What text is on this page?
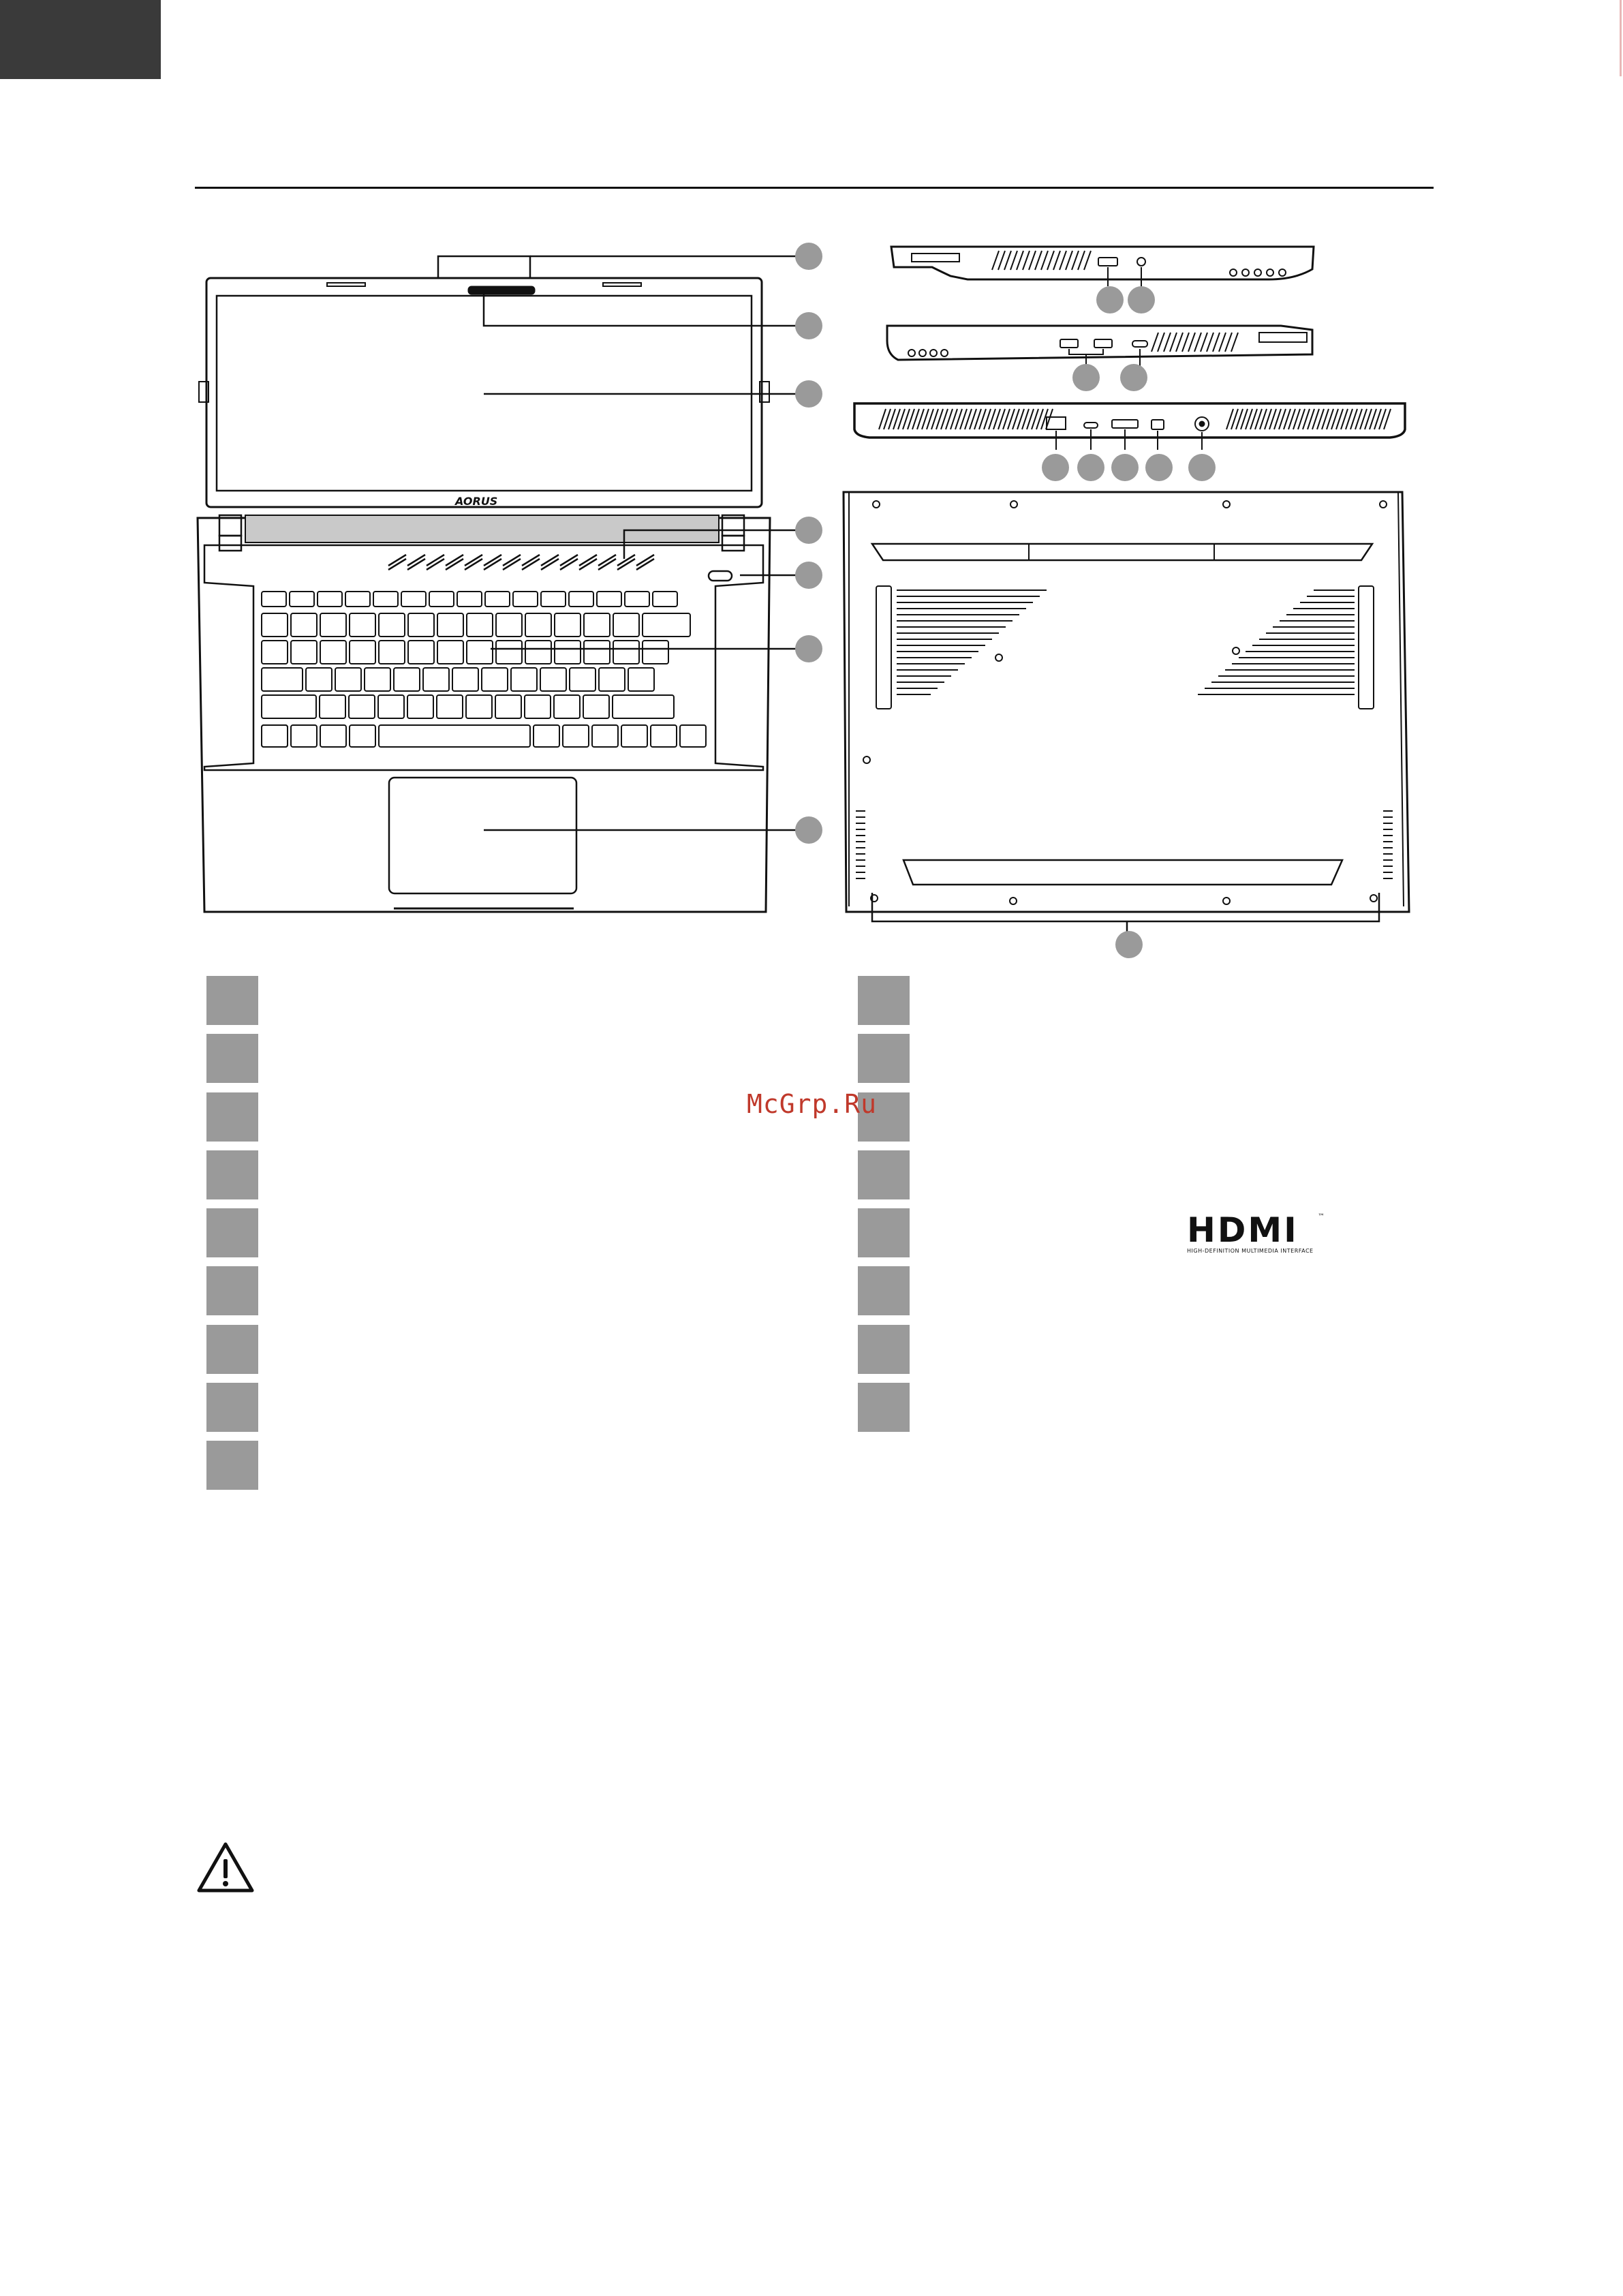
AORUS
McGrp.Ru
HDMI	™
HIGH-DEFINITION MULTIMEDIA INTERFACE
